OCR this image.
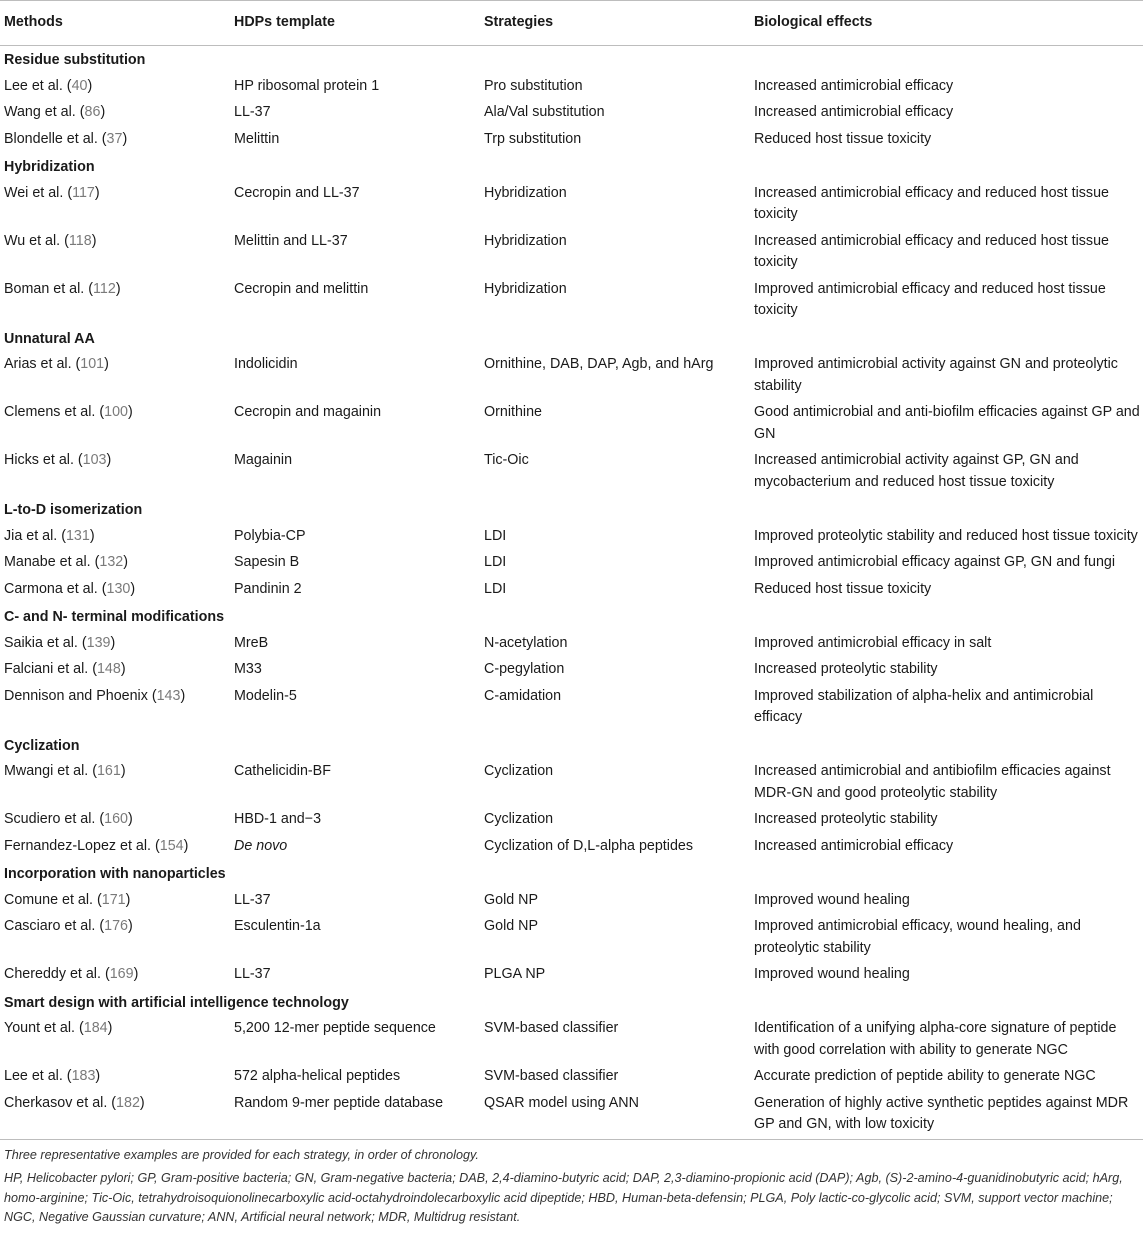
Methods	HDPs template	Strategies	Biological effects
Residue substitution			
Lee et al. (40)	HP ribosomal protein 1	Pro substitution	Increased antimicrobial efficacy
Wang et al. (86)	LL-37	Ala/Val substitution	Increased antimicrobial efficacy
Blondelle et al. (37)	Melittin	Trp substitution	Reduced host tissue toxicity
Hybridization			
Wei et al. (117)	Cecropin and LL-37	Hybridization	Increased antimicrobial efficacy and reduced host tissue toxicity
Wu et al. (118)	Melittin and LL-37	Hybridization	Increased antimicrobial efficacy and reduced host tissue toxicity
Boman et al. (112)	Cecropin and melittin	Hybridization	Improved antimicrobial efficacy and reduced host tissue toxicity
Unnatural AA			
Arias et al. (101)	Indolicidin	Ornithine, DAB, DAP, Agb, and hArg	Improved antimicrobial activity against GN and proteolytic stability
Clemens et al. (100)	Cecropin and magainin	Ornithine	Good antimicrobial and anti-biofilm efficacies against GP and GN
Hicks et al. (103)	Magainin	Tic-Oic	Increased antimicrobial activity against GP, GN and mycobacterium and reduced host tissue toxicity
L-to-D isomerization			
Jia et al. (131)	Polybia-CP	LDI	Improved proteolytic stability and reduced host tissue toxicity
Manabe et al. (132)	Sapesin B	LDI	Improved antimicrobial efficacy against GP, GN and fungi
Carmona et al. (130)	Pandinin 2	LDI	Reduced host tissue toxicity
C- and N- terminal modifications			
Saikia et al. (139)	MreB	N-acetylation	Improved antimicrobial efficacy in salt
Falciani et al. (148)	M33	C-pegylation	Increased proteolytic stability
Dennison and Phoenix (143)	Modelin-5	C-amidation	Improved stabilization of alpha-helix and antimicrobial efficacy
Cyclization			
Mwangi et al. (161)	Cathelicidin-BF	Cyclization	Increased antimicrobial and antibiofilm efficacies against MDR-GN and good proteolytic stability
Scudiero et al. (160)	HBD-1 and−3	Cyclization	Increased proteolytic stability
Fernandez-Lopez et al. (154)	De novo	Cyclization of D,L-alpha peptides	Increased antimicrobial efficacy
Incorporation with nanoparticles			
Comune et al. (171)	LL-37	Gold NP	Improved wound healing
Casciaro et al. (176)	Esculentin-1a	Gold NP	Improved antimicrobial efficacy, wound healing, and proteolytic stability
Chereddy et al. (169)	LL-37	PLGA NP	Improved wound healing
Smart design with artificial intelligence technology			
Yount et al. (184)	5,200 12-mer peptide sequence	SVM-based classifier	Identification of a unifying alpha-core signature of peptide with good correlation with ability to generate NGC
Lee et al. (183)	572 alpha-helical peptides	SVM-based classifier	Accurate prediction of peptide ability to generate NGC
Cherkasov et al. (182)	Random 9-mer peptide database	QSAR model using ANN	Generation of highly active synthetic peptides against MDR GP and GN, with low toxicity

Three representative examples are provided for each strategy, in order of chronology.

HP, Helicobacter pylori; GP, Gram-positive bacteria; GN, Gram-negative bacteria; DAB, 2,4-diamino-butyric acid; DAP, 2,3-diamino-propionic acid (DAP); Agb, (S)-2-amino-4-guanidinobutyric acid; hArg, homo-arginine; Tic-Oic, tetrahydroisoquionolinecarboxylic acid-octahydroindolecarboxylic acid dipeptide; HBD, Human-beta-defensin; PLGA, Poly lactic-co-glycolic acid; SVM, support vector machine; NGC, Negative Gaussian curvature; ANN, Artificial neural network; MDR, Multidrug resistant.
